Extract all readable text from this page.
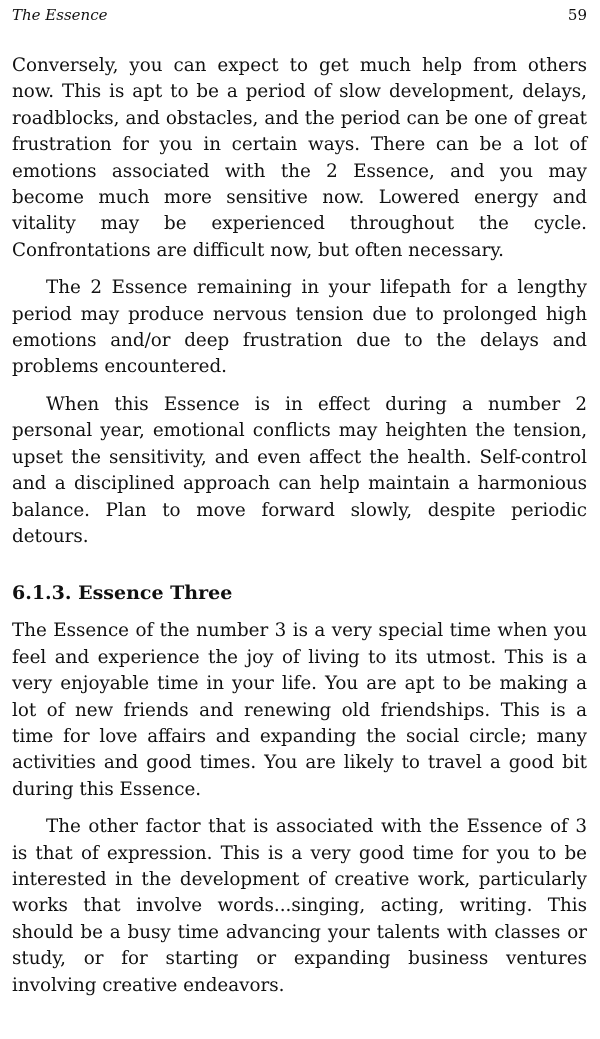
The Essence	59

Conversely, you can expect to get much help from others now. This is apt to be a period of slow development, delays, roadblocks, and obstacles, and the period can be one of great frustration for you in certain ways. There can be a lot of emotions associated with the 2 Essence, and you may become much more sensitive now. Lowered energy and vitality may be experienced throughout the cycle. Confrontations are difficult now, but often necessary.

The 2 Essence remaining in your lifepath for a lengthy period may produce nervous tension due to prolonged high emotions and/or deep frustration due to the delays and problems encountered.

When this Essence is in effect during a number 2 personal year, emotional conflicts may heighten the tension, upset the sensitivity, and even affect the health. Self-control and a disciplined approach can help maintain a harmonious balance. Plan to move forward slowly, despite periodic detours.

6.1.3. Essence Three

The Essence of the number 3 is a very special time when you feel and experience the joy of living to its utmost. This is a very enjoyable time in your life. You are apt to be making a lot of new friends and renewing old friendships. This is a time for love affairs and expanding the social circle; many activities and good times. You are likely to travel a good bit during this Essence.

The other factor that is associated with the Essence of 3 is that of expression. This is a very good time for you to be interested in the development of creative work, particularly works that involve words...singing, acting, writing. This should be a busy time advancing your talents with classes or study, or for starting or expanding business ventures involving creative endeavors.
